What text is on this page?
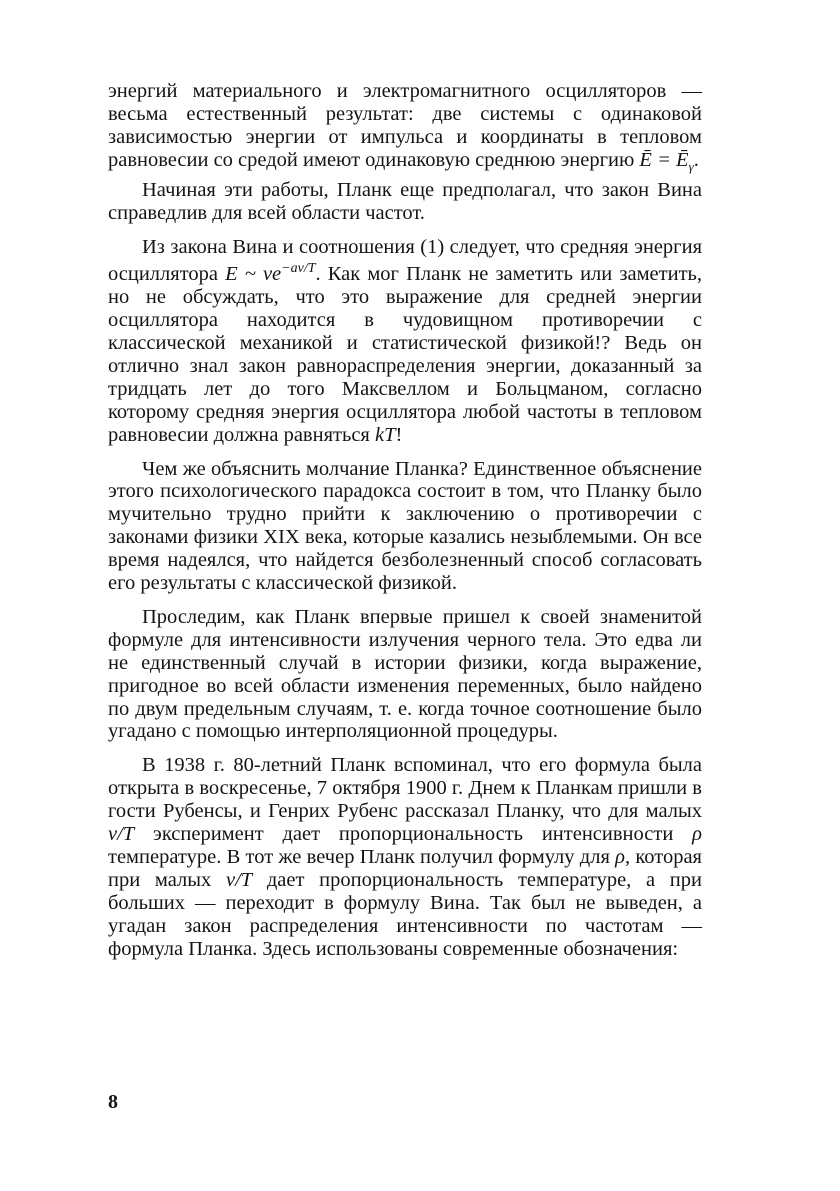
энергий материального и электромагнитного осцилляторов — весьма естественный результат: две системы с одинаковой зависимостью энергии от импульса и координаты в тепловом равновесии со средой имеют одинаковую среднюю энергию Ē = $Ē_\gamma$.

Начиная эти работы, Планк еще предполагал, что закон Вина справедлив для всей области частот.

Из закона Вина и соотношения (1) следует, что средняя энергия осциллятора E ~ $\nu e^{-a\nu/T}$. Как мог Планк не заметить или заметить, но не обсуждать, что это выражение для средней энергии осциллятора находится в чудовищном противоречии с классической механикой и статистической физикой!? Ведь он отлично знал закон равнораспределения энергии, доказанный за тридцать лет до того Максвеллом и Больцманом, согласно которому средняя энергия осциллятора любой частоты в тепловом равновесии должна равняться kT!

Чем же объяснить молчание Планка? Единственное объяснение этого психологического парадокса состоит в том, что Планку было мучительно трудно прийти к заключению о противоречии с законами физики XIX века, которые казались незыблемыми. Он все время надеялся, что найдется безболезненный способ согласовать его результаты с классической физикой.

Проследим, как Планк впервые пришел к своей знаменитой формуле для интенсивности излучения черного тела. Это едва ли не единственный случай в истории физики, когда выражение, пригодное во всей области изменения переменных, было найдено по двум предельным случаям, т. е. когда точное соотношение было угадано с помощью интерполяционной процедуры.

В 1938 г. 80-летний Планк вспоминал, что его формула была открыта в воскресенье, 7 октября 1900 г. Днем к Планкам пришли в гости Рубенсы, и Генрих Рубенс рассказал Планку, что для малых ν/T эксперимент дает пропорциональность интенсивности ρ температуре. В тот же вечер Планк получил формулу для ρ, которая при малых ν/T дает пропорциональность температуре, а при больших — переходит в формулу Вина. Так был не выведен, а угадан закон распределения интенсивности по частотам — формула Планка. Здесь использованы современные обозначения:

8
